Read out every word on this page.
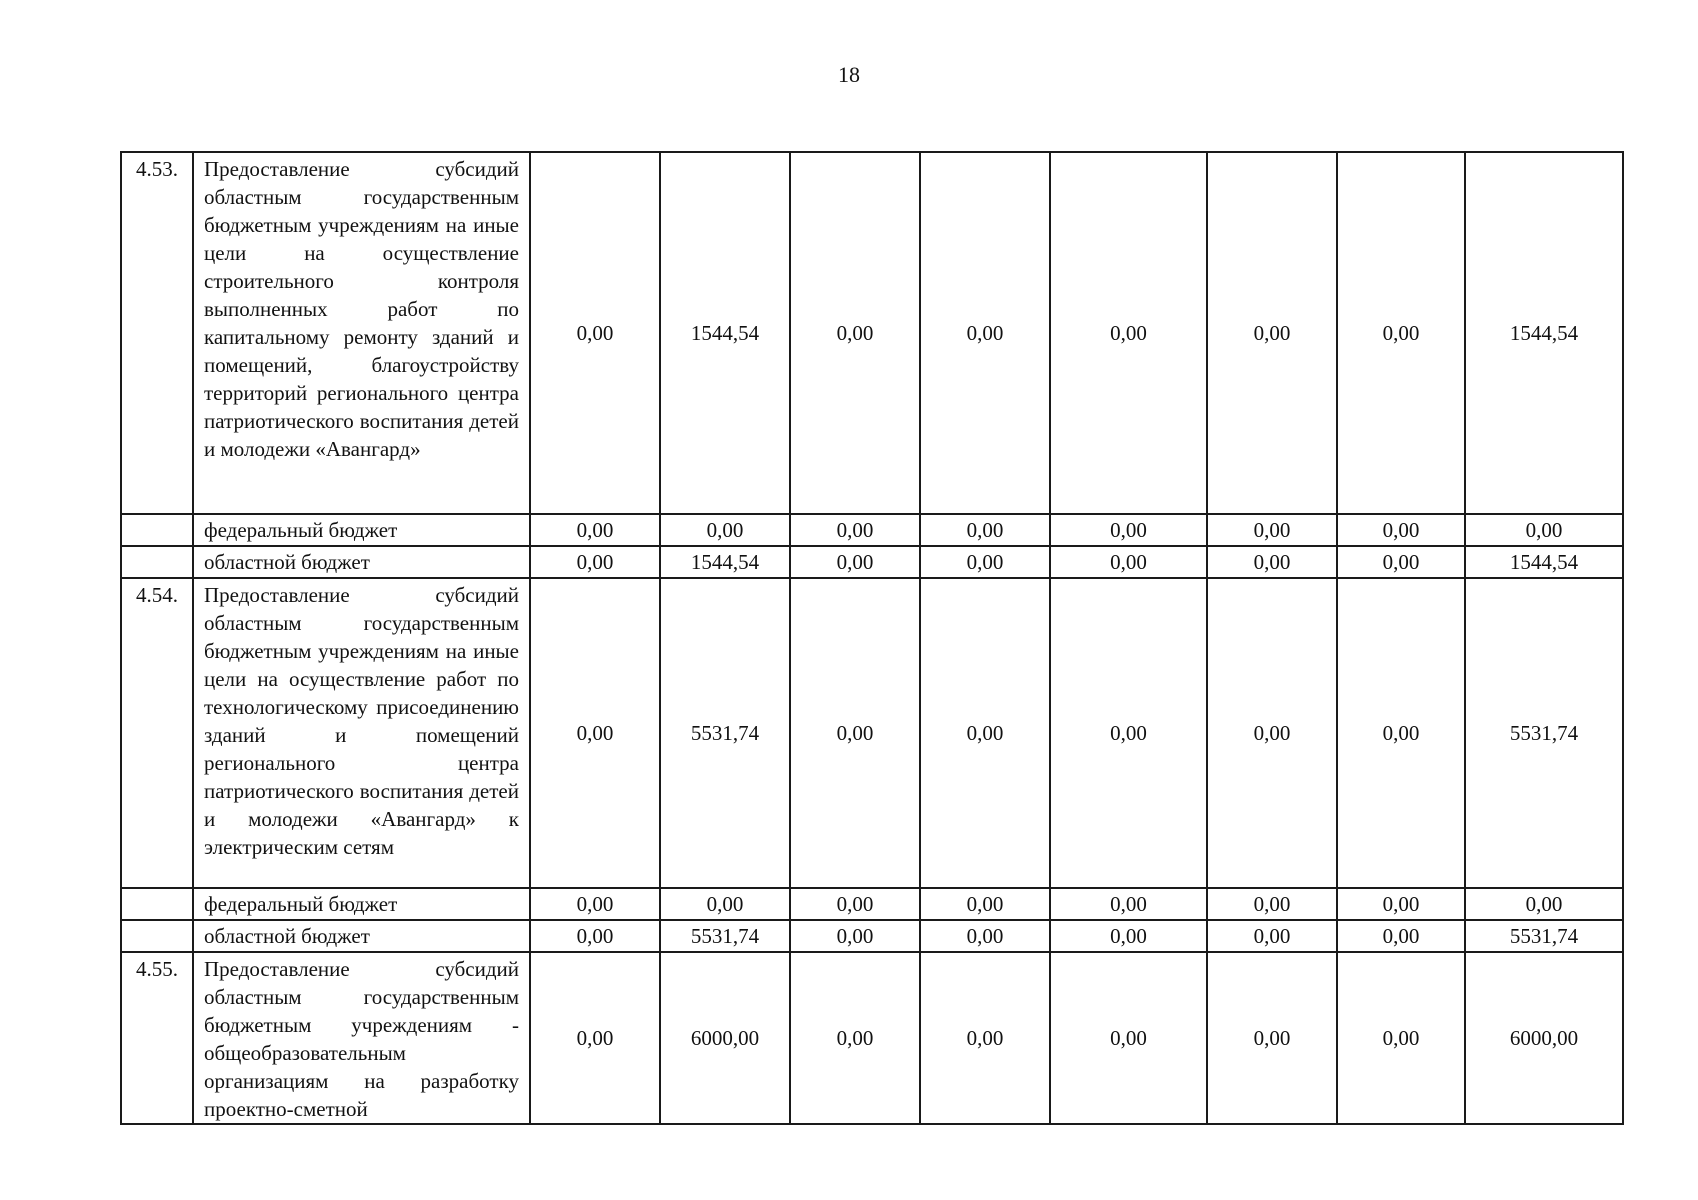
18
4.53.	Предоставление субсидий областным государственным бюджетным учреждениям на иные цели на осуществление строительного контроля выполненных работ по капитальному ремонту зданий и помещений, благоустройству территорий регионального центра патриотического воспитания детей и молодежи «Авангард»	0,00	1544,54	0,00	0,00	0,00	0,00	0,00	1544,54
	федеральный бюджет	0,00	0,00	0,00	0,00	0,00	0,00	0,00	0,00
	областной бюджет	0,00	1544,54	0,00	0,00	0,00	0,00	0,00	1544,54
4.54.	Предоставление субсидий областным государственным бюджетным учреждениям на иные цели на осуществление работ по технологическому присоединению зданий и помещений регионального центра патриотического воспитания детей и молодежи «Авангард» к электрическим сетям	0,00	5531,74	0,00	0,00	0,00	0,00	0,00	5531,74
	федеральный бюджет	0,00	0,00	0,00	0,00	0,00	0,00	0,00	0,00
	областной бюджет	0,00	5531,74	0,00	0,00	0,00	0,00	0,00	5531,74
4.55.	Предоставление субсидий областным государственным бюджетным учреждениям - общеобразовательным организациям на разработку проектно-сметной	0,00	6000,00	0,00	0,00	0,00	0,00	0,00	6000,00
